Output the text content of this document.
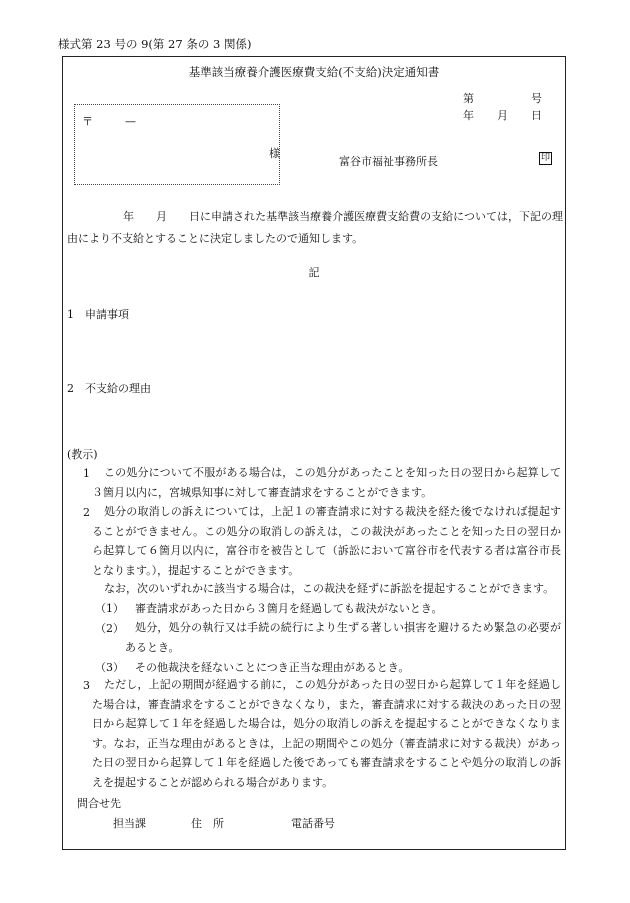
様式第 23 号の 9(第 27 条の 3 関係)
基準該当療養介護医療費支給(不支給)決定通知書
第	号
年 月 日
〒	—
様
富谷市福祉事務所長	印
年　　月　　日に申請された基準該当療養介護医療費支給費の支給については，下記の理由により不支給とすることに決定しましたので通知します。
記
1　申請事項
2　不支給の理由
(教示)
1	この処分について不服がある場合は，この処分があったことを知った日の翌日から起算して３箇月以内に，宮城県知事に対して審査請求をすることができます。
2	処分の取消しの訴えについては，上記１の審査請求に対する裁決を経た後でなければ提起することができません。この処分の取消しの訴えは，この裁決があったことを知った日の翌日から起算して６箇月以内に，富谷市を被告として（訴訟において富谷市を代表する者は富谷市長となります。），提起することができます。
なお，次のいずれかに該当する場合は，この裁決を経ずに訴訟を提起することができます。
（1） 審査請求があった日から３箇月を経過しても裁決がないとき。
（2）	処分，処分の執行又は手続の続行により生ずる著しい損害を避けるため緊急の必要があるとき。
（3） その他裁決を経ないことにつき正当な理由があるとき。
3	ただし，上記の期間が経過する前に，この処分があった日の翌日から起算して１年を経過した場合は，審査請求をすることができなくなり，また，審査請求に対する裁決のあった日の翌日から起算して１年を経過した場合は，処分の取消しの訴えを提起することができなくなります。なお，正当な理由があるときは，上記の期間やこの処分（審査請求に対する裁決）があった日の翌日から起算して１年を経過した後であっても審査請求をすることや処分の取消しの訴えを提起することが認められる場合があります。
問合せ先
担当課	住　所	電話番号
